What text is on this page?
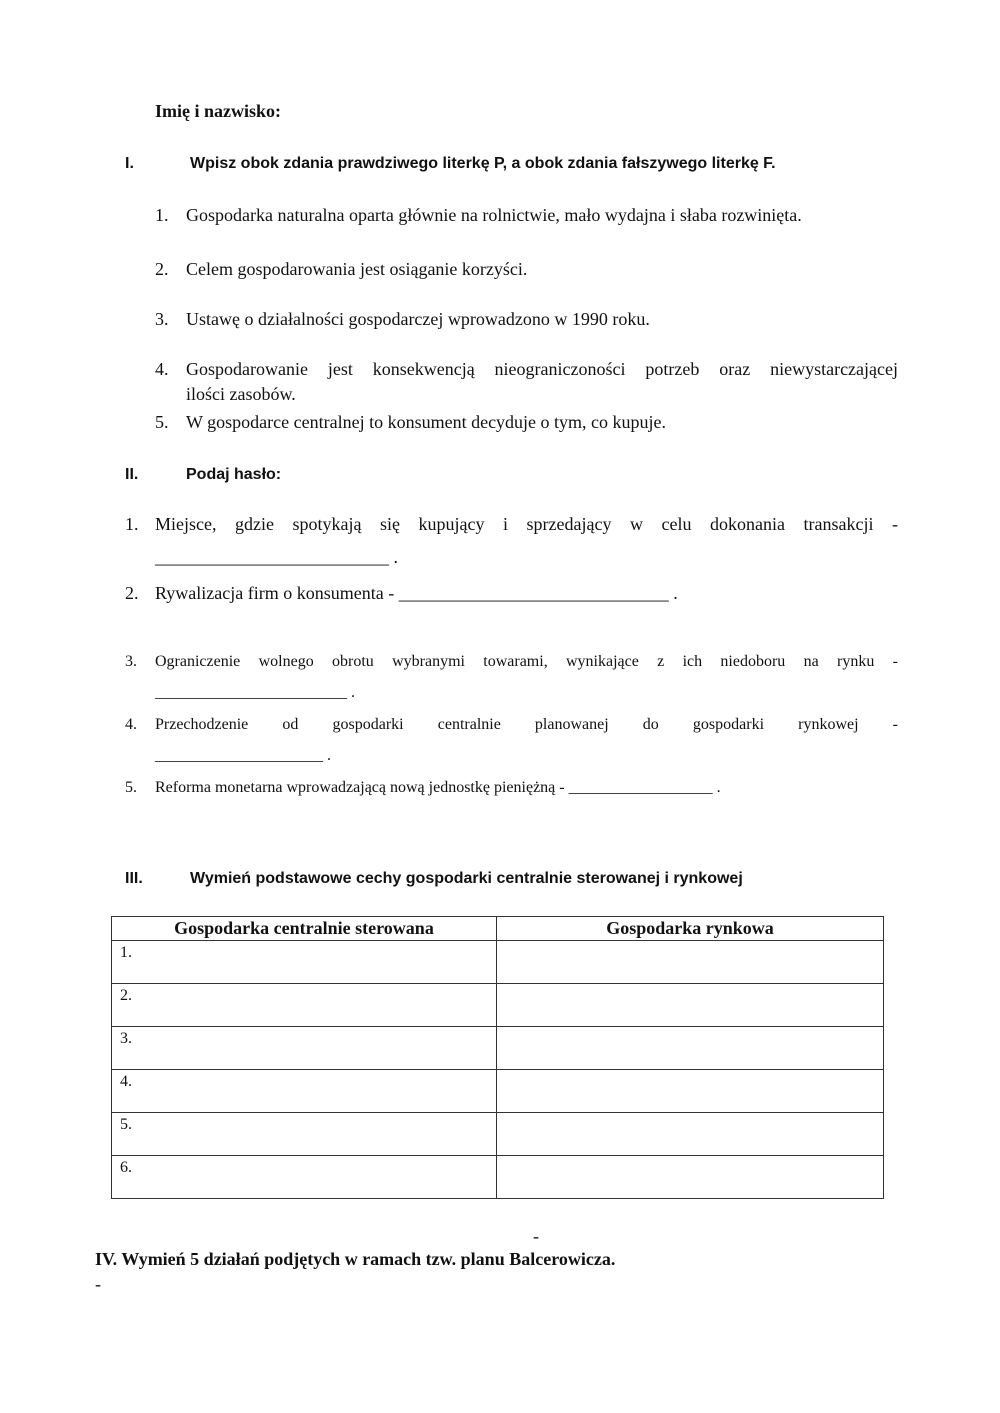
Imię i nazwisko:
I.	Wpisz obok zdania prawdziwego literkę P, a obok zdania fałszywego literkę F.
1. Gospodarka naturalna oparta głównie na rolnictwie, mało wydajna i słaba rozwinięta.
2. Celem gospodarowania jest osiąganie korzyści.
3. Ustawę o działalności gospodarczej wprowadzono w 1990 roku.
4. Gospodarowanie jest konsekwencją nieograniczoności potrzeb oraz niewystarczającej
ilości zasobów.
5. W gospodarce centralnej to konsument decyduje o tym, co kupuje.
II.	Podaj hasło:
1. Miejsce, gdzie spotykają się kupujący i sprzedający w celu dokonania transakcji -
__________________________ .
2. Rywalizacja firm o konsumenta - ______________________________ .
3. Ograniczenie wolnego obrotu wybranymi towarami, wynikające z ich niedoboru na rynku -
________________________ .
4. Przechodzenie od gospodarki centralnie planowanej do gospodarki rynkowej -
_____________________ .
5. Reforma monetarna wprowadzającą nową jednostkę pieniężną - __________________ .
III.	Wymień podstawowe cechy gospodarki centralnie sterowanej i rynkowej
Gospodarka centralnie sterowana	Gospodarka rynkowa
1.	
2.	
3.	
4.	
5.	
6.	
-
IV. Wymień 5 działań podjętych w ramach tzw. planu Balcerowicza.
-
